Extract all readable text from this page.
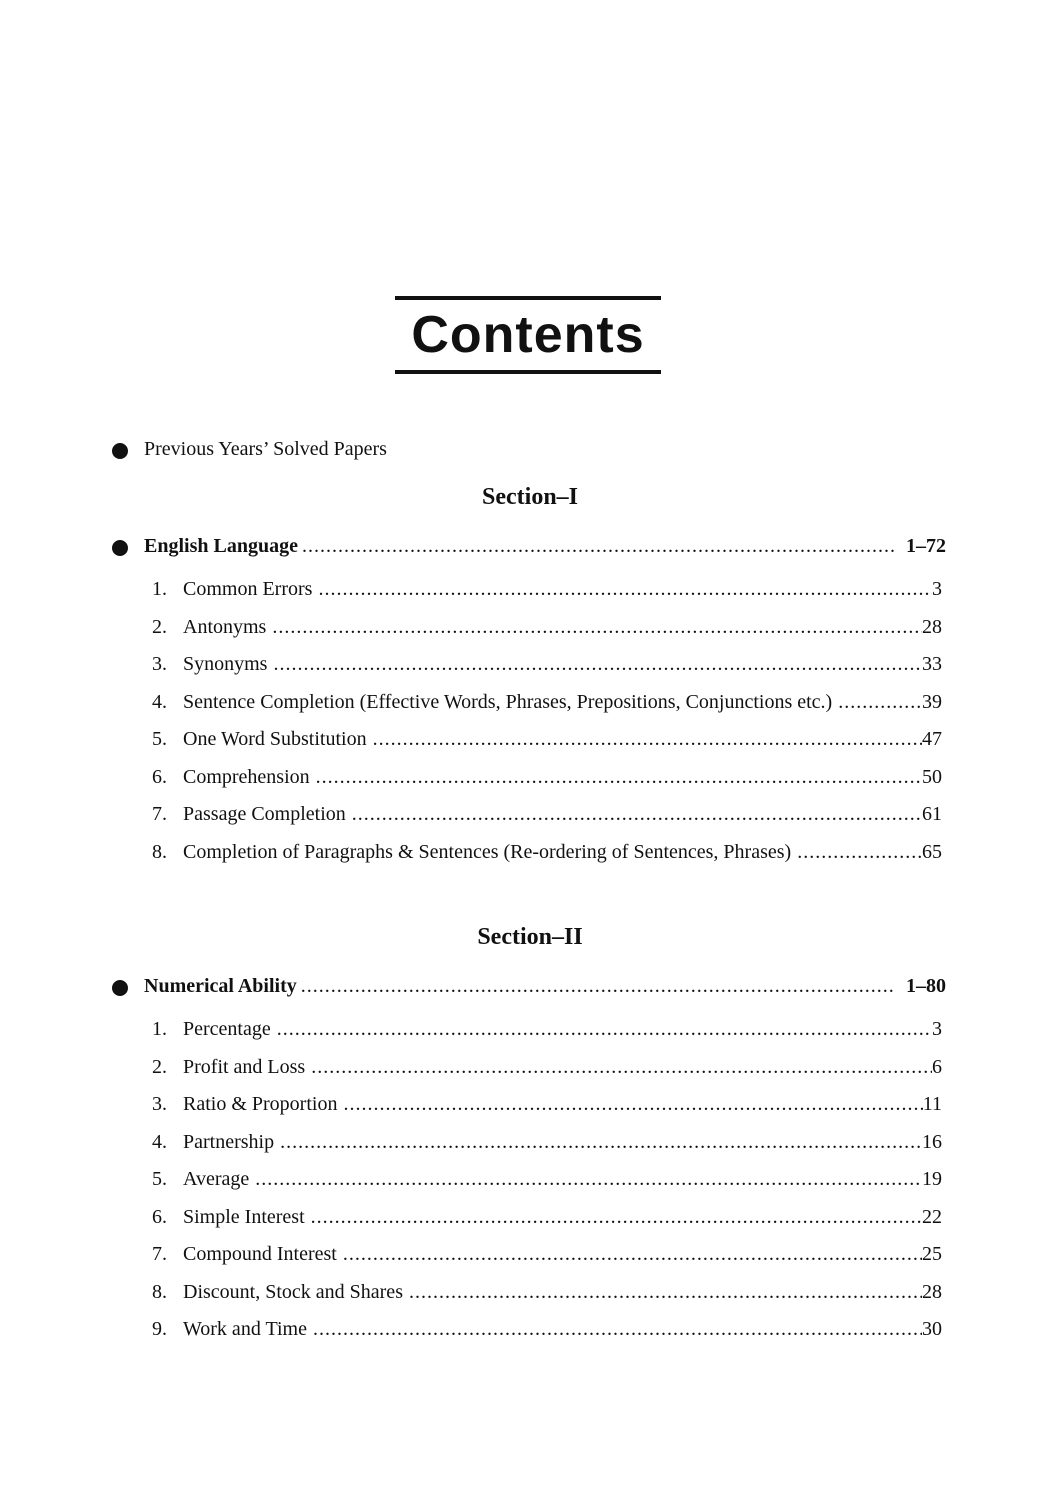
Contents
Previous Years’ Solved Papers
Section–I
English Language .....	1–72
1. Common Errors .....	3
2. Antonyms .....	28
3. Synonyms .....	33
4. Sentence Completion (Effective Words, Phrases, Prepositions, Conjunctions etc.) .....	39
5. One Word Substitution .....	47
6. Comprehension .....	50
7. Passage Completion .....	61
8. Completion of Paragraphs & Sentences (Re-ordering of Sentences, Phrases) .....	65
Section–II
Numerical Ability .....	1–80
1. Percentage .....	3
2. Profit and Loss .....	6
3. Ratio & Proportion .....	11
4. Partnership .....	16
5. Average .....	19
6. Simple Interest .....	22
7. Compound Interest .....	25
8. Discount, Stock and Shares .....	28
9. Work and Time .....	30
